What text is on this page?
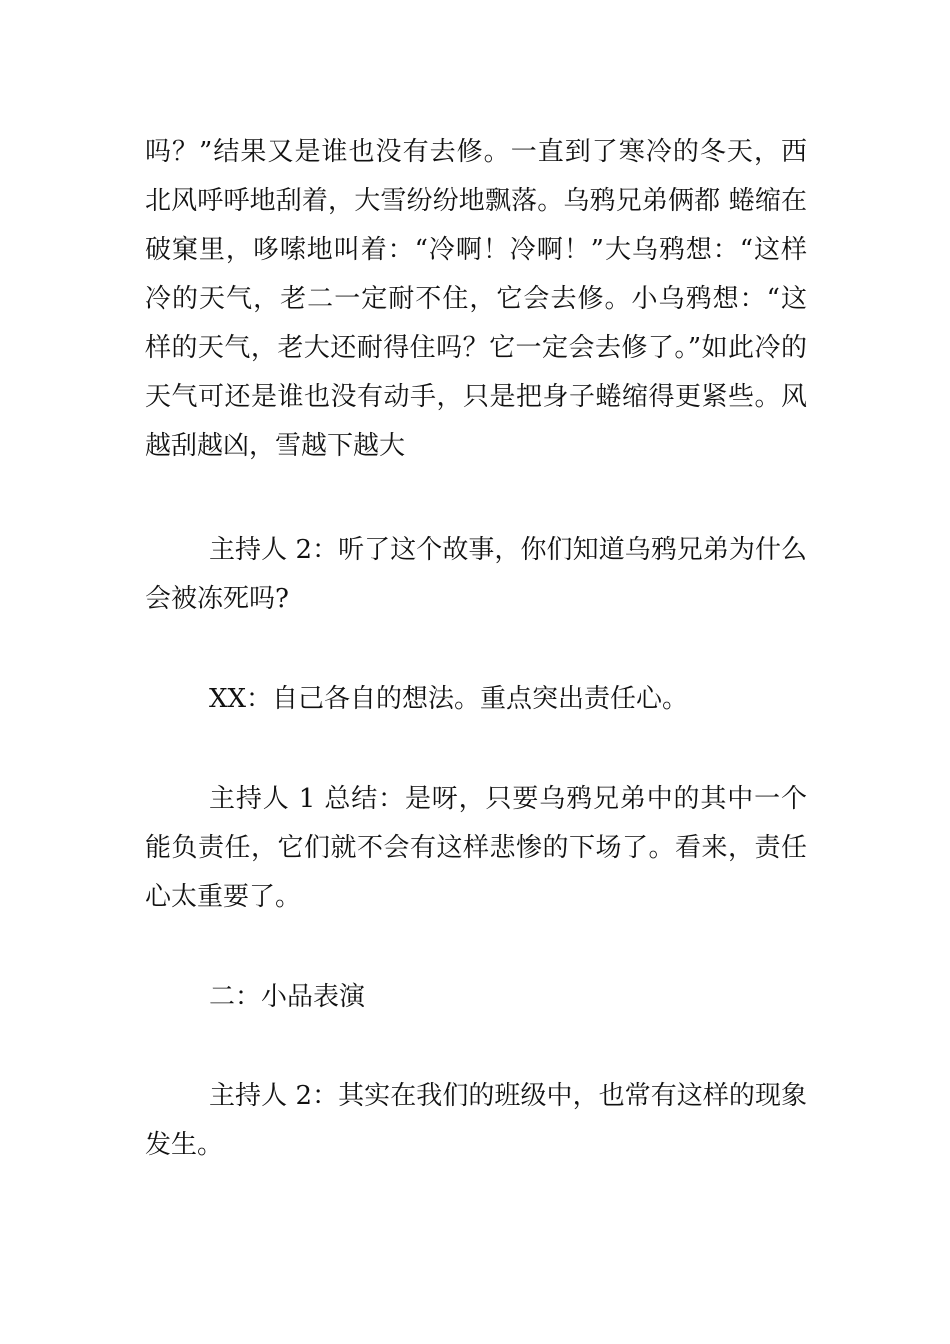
吗？”结果又是谁也没有去修。一直到了寒冷的冬天，西北风呼呼地刮着，大雪纷纷地飘落。乌鸦兄弟俩都 蜷缩在破窠里，哆嗦地叫着：“冷啊！冷啊！”大乌鸦想：“这样冷的天气，老二一定耐不住，它会去修。小乌鸦想：“这样的天气，老大还耐得住吗？它一定会去修了。”如此冷的天气可还是谁也没有动手，只是把身子蜷缩得更紧些。风越刮越凶，雪越下越大

主持人 2：听了这个故事，你们知道乌鸦兄弟为什么会被冻死吗?

XX：自己各自的想法。重点突出责任心。

主持人 1 总结：是呀，只要乌鸦兄弟中的其中一个能负责任，它们就不会有这样悲惨的下场了。看来，责任心太重要了。

二：小品表演

主持人 2：其实在我们的班级中，也常有这样的现象发生。
